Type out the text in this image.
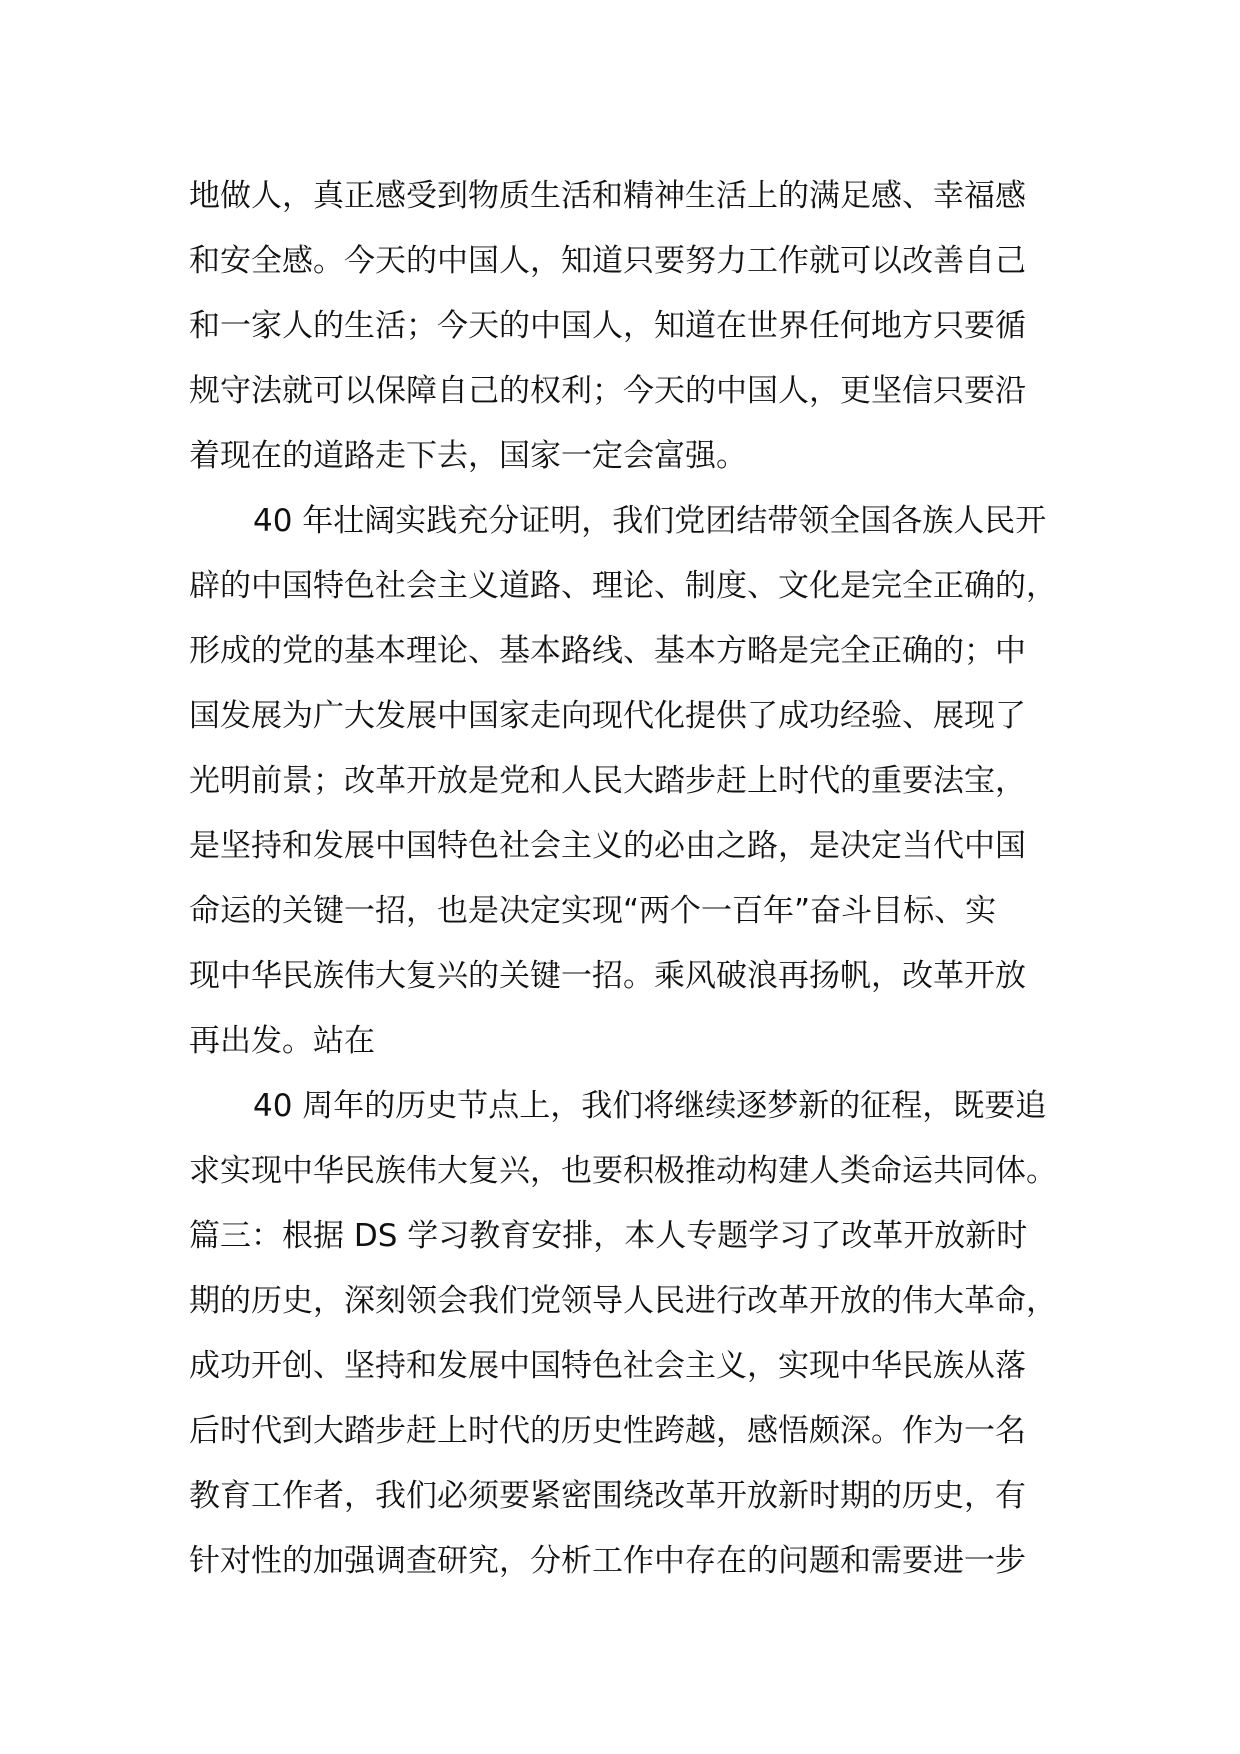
地做人，真正感受到物质生活和精神生活上的满足感、幸福感
和安全感。今天的中国人，知道只要努力工作就可以改善自己
和一家人的生活；今天的中国人，知道在世界任何地方只要循
规守法就可以保障自己的权利；今天的中国人，更坚信只要沿
着现在的道路走下去，国家一定会富强。
40 年壮阔实践充分证明，我们党团结带领全国各族人民开
辟的中国特色社会主义道路、理论、制度、文化是完全正确的，
形成的党的基本理论、基本路线、基本方略是完全正确的；中
国发展为广大发展中国家走向现代化提供了成功经验、展现了
光明前景；改革开放是党和人民大踏步赶上时代的重要法宝，
是坚持和发展中国特色社会主义的必由之路，是决定当代中国
命运的关键一招，也是决定实现“两个一百年”奋斗目标、实
现中华民族伟大复兴的关键一招。乘风破浪再扬帆，改革开放
再出发。站在
40 周年的历史节点上，我们将继续逐梦新的征程，既要追
求实现中华民族伟大复兴，也要积极推动构建人类命运共同体。
篇三：根据 DS 学习教育安排，本人专题学习了改革开放新时
期的历史，深刻领会我们党领导人民进行改革开放的伟大革命，
成功开创、坚持和发展中国特色社会主义，实现中华民族从落
后时代到大踏步赶上时代的历史性跨越，感悟颇深。作为一名
教育工作者，我们必须要紧密围绕改革开放新时期的历史，有
针对性的加强调查研究，分析工作中存在的问题和需要进一步
